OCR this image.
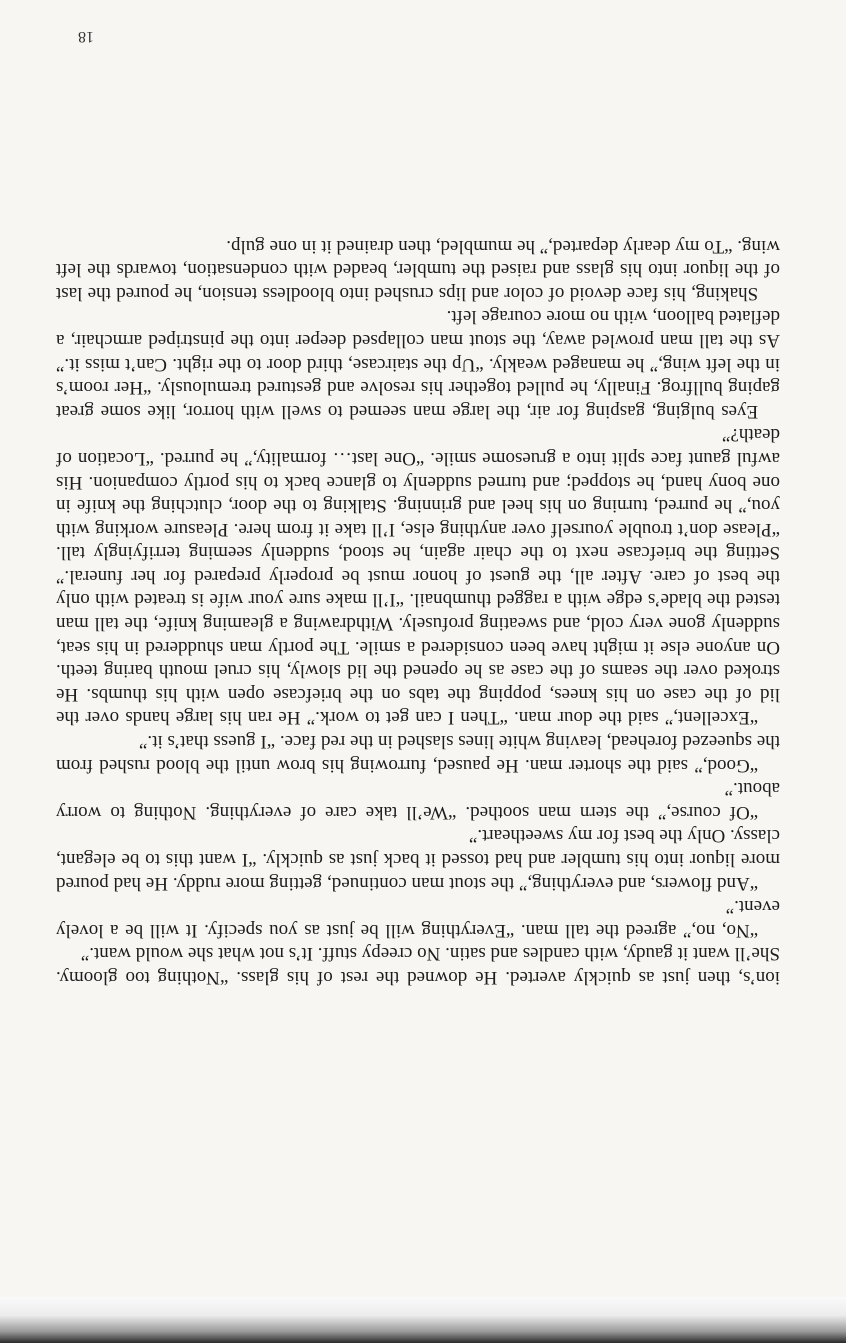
ion’s, then just as quickly averted. He downed the rest of his glass. “Nothing too gloomy. She’ll want it gaudy, with candles and satin. No creepy stuff. It’s not what she would want.”

“No, no,” agreed the tall man. “Everything will be just as you specify. It will be a lovely event.”

“And flowers, and everything,” the stout man continued, getting more ruddy. He had poured more liquor into his tumbler and had tossed it back just as quickly. “I want this to be elegant, classy. Only the best for my sweetheart.”

“Of course,” the stern man soothed. “We’ll take care of everything. Nothing to worry about.”

“Good,” said the shorter man. He paused, furrowing his brow until the blood rushed from the squeezed forehead, leaving white lines slashed in the red face. “I guess that’s it.”

“Excellent,” said the dour man. “Then I can get to work.” He ran his large hands over the lid of the case on his knees, popping the tabs on the briefcase open with his thumbs. He stroked over the seams of the case as he opened the lid slowly, his cruel mouth baring teeth. On anyone else it might have been considered a smile. The portly man shuddered in his seat, suddenly gone very cold, and sweating profusely. Withdrawing a gleaming knife, the tall man tested the blade’s edge with a ragged thumbnail. “I’ll make sure your wife is treated with only the best of care. After all, the guest of honor must be properly prepared for her funeral.” Setting the briefcase next to the chair again, he stood, suddenly seeming terrifyingly tall. “Please don’t trouble yourself over anything else, I’ll take it from here. Pleasure working with you,” he purred, turning on his heel and grinning. Stalking to the door, clutching the knife in one bony hand, he stopped; and turned suddenly to glance back to his portly companion. His awful gaunt face split into a gruesome smile. “One last… formality,” he purred. “Location of death?”

Eyes bulging, gasping for air, the large man seemed to swell with horror, like some great gaping bullfrog. Finally, he pulled together his resolve and gestured tremulously. “Her room’s in the left wing,” he managed weakly. “Up the staircase, third door to the right. Can’t miss it.” As the tall man prowled away, the stout man collapsed deeper into the pinstriped armchair, a deflated balloon, with no more courage left.

Shaking, his face devoid of color and lips crushed into bloodless tension, he poured the last of the liquor into his glass and raised the tumbler, beaded with condensation, towards the left wing. “To my dearly departed,” he mumbled, then drained it in one gulp.

18
